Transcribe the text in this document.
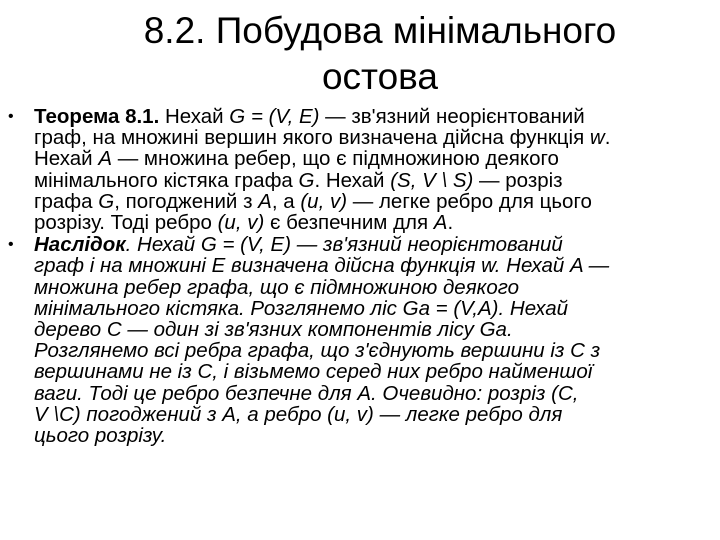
8.2. Побудова мінімального
остова
• Теорема 8.1. Нехай G = (V, E) — зв'язний неорієнтований
граф, на множині вершин якого визначена дійсна функція w.
Нехай A — множина ребер, що є підмножиною деякого
мінімального кістяка графа G. Нехай (S, V \ S) — розріз
графа G, погоджений з A, а (u, v) — легке ребро для цього
розрізу. Тоді ребро (u, v) є безпечним для A.
• Наслідок. Нехай G = (V, E) — зв'язний неорієнтований
граф і на множині E визначена дійсна функція w. Нехай A —
множина ребер графа, що є підмножиною деякого
мінімального кістяка. Розглянемо ліс Ga = (V,A). Нехай
дерево C — один зі зв'язних компонентів лісу Ga.
Розглянемо всі ребра графа, що з'єднують вершини із C з
вершинами не із C, і візьмемо серед них ребро найменшої
ваги. Тоді це ребро безпечне для A. Очевидно: розріз (C,
V \C) погоджений з A, а ребро (u, v) — легке ребро для
цього розрізу.
